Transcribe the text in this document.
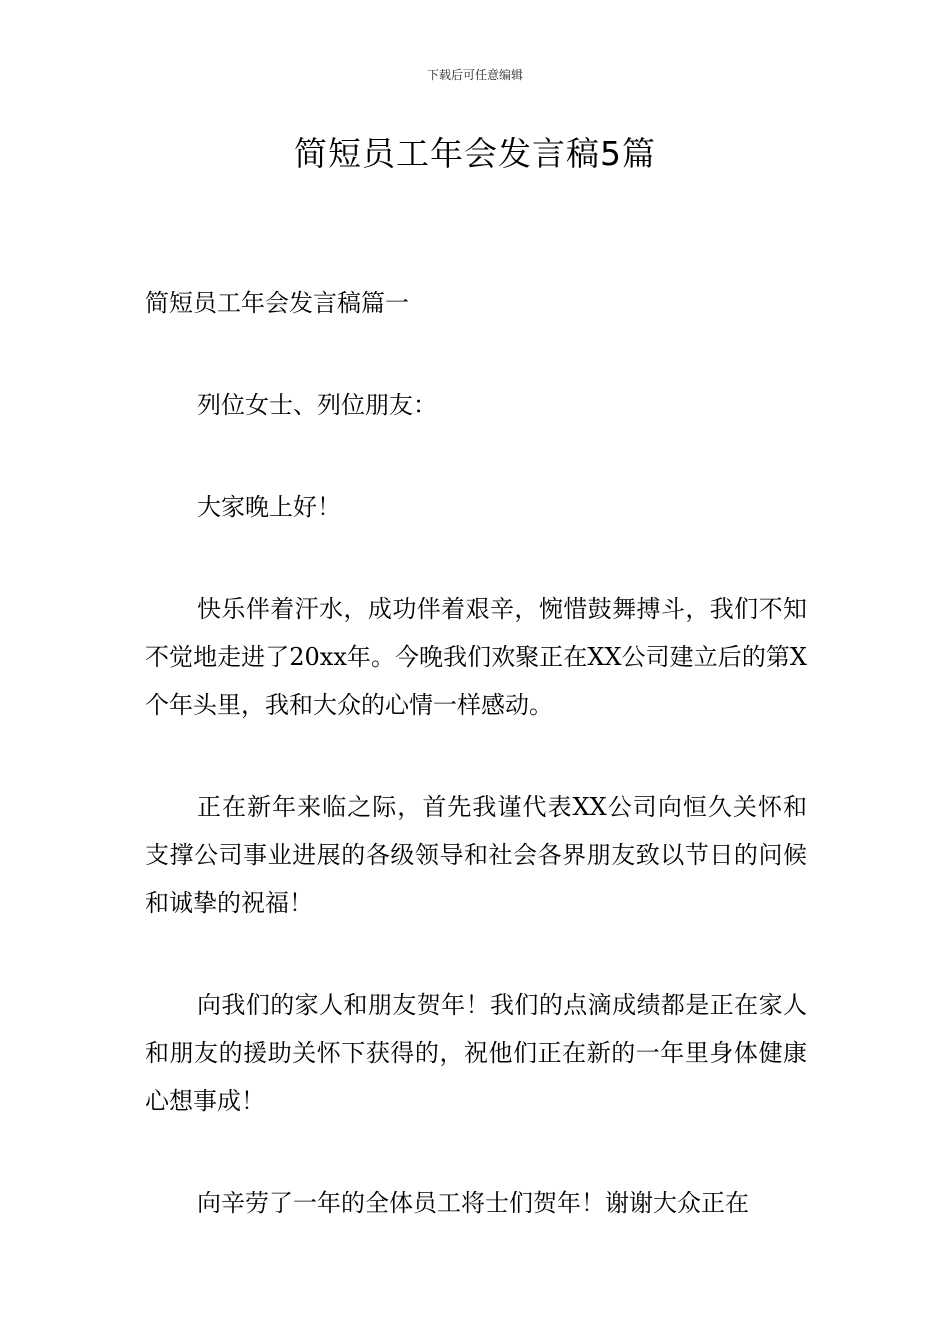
下载后可任意编辑
简短员工年会发言稿5篇
简短员工年会发言稿篇一

列位女士、列位朋友：

大家晚上好！

快乐伴着汗水，成功伴着艰辛，惋惜鼓舞搏斗，我们不知不觉地走进了20xx年。今晚我们欢聚正在XX公司建立后的第X个年头里，我和大众的心情一样感动。

正在新年来临之际，首先我谨代表XX公司向恒久关怀和支撑公司事业进展的各级领导和社会各界朋友致以节日的问候和诚挚的祝福！

向我们的家人和朋友贺年！我们的点滴成绩都是正在家人和朋友的援助关怀下获得的，祝他们正在新的一年里身体健康心想事成！

向辛劳了一年的全体员工将士们贺年！谢谢大众正在
